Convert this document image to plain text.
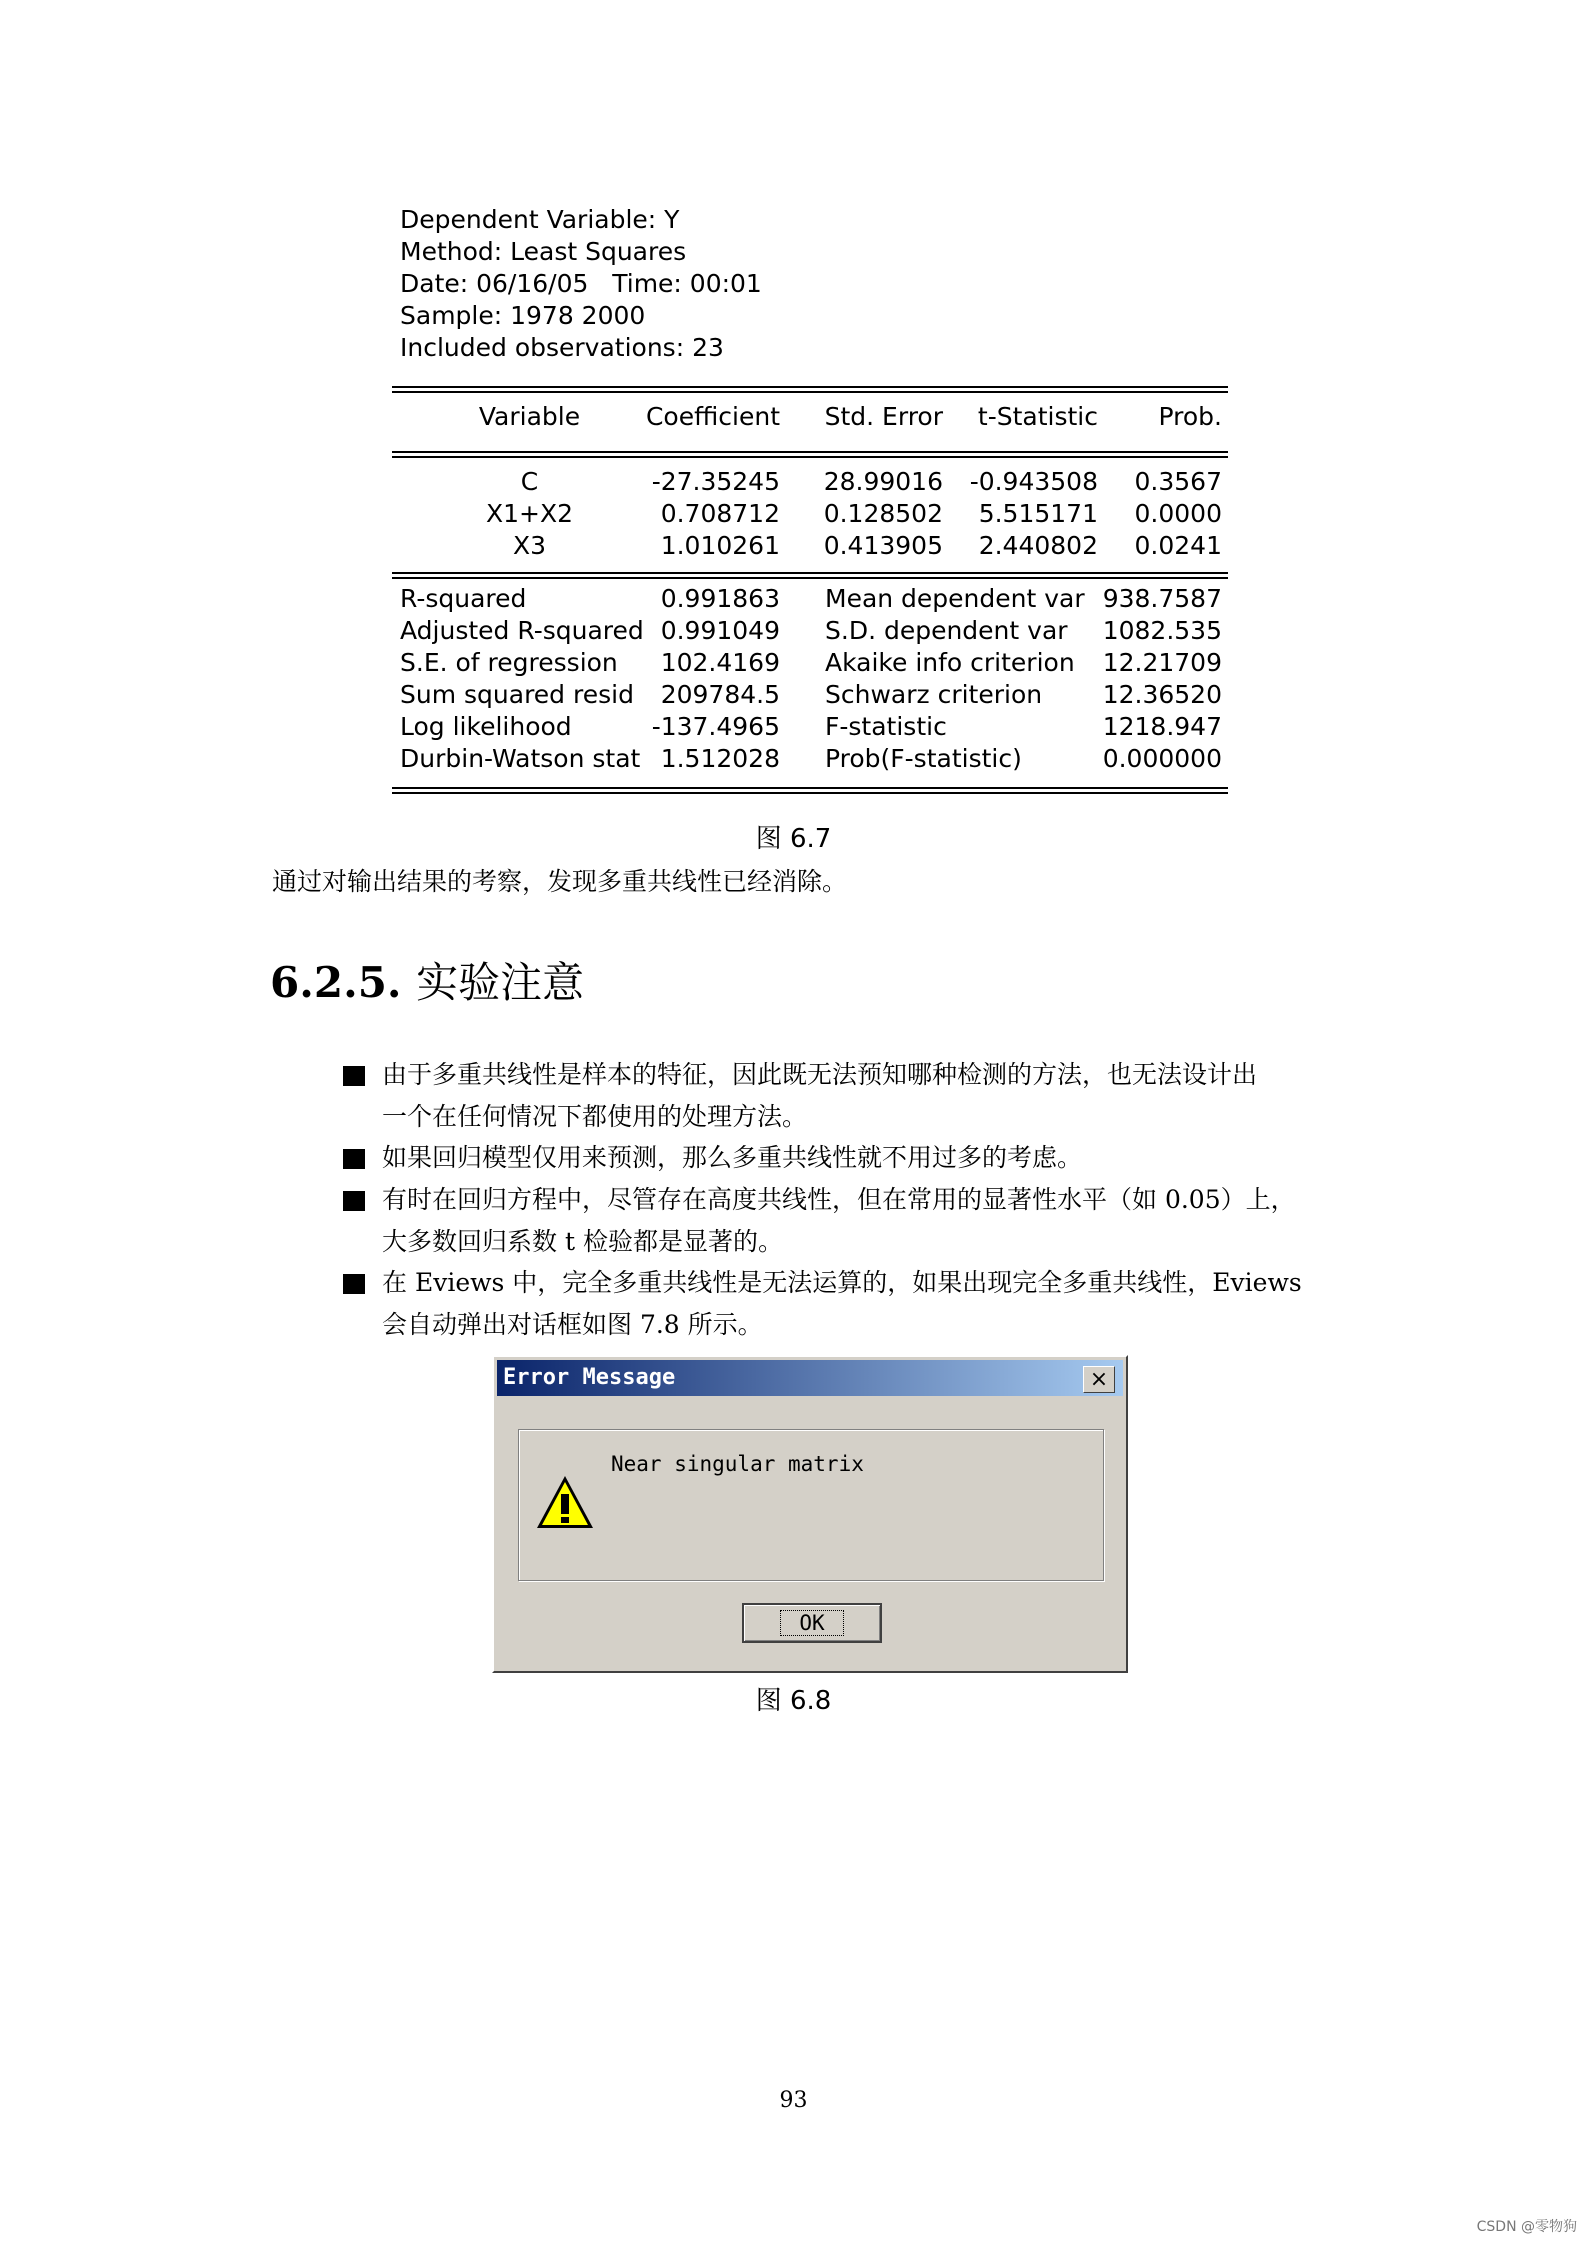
Dependent Variable: Y
Method: Least Squares
Date: 06/16/05   Time: 00:01
Sample: 1978 2000
Included observations: 23
Variable	Coefficient Std. Error t-Statistic Prob.
C	-27.35245 28.99016 -0.943508 0.3567
X1+X2	0.708712 0.128502 5.515171 0.0000
X3	1.010261 0.413905 2.440802 0.0241
R-squared	0.991863 Mean dependent var 938.7587
Adjusted R-squared 0.991049 S.D. dependent var 1082.535
S.E. of regression 102.4169 Akaike info criterion 12.21709
Sum squared resid 209784.5 Schwarz criterion 12.36520
Log likelihood	-137.4965 F-statistic	1218.947
Durbin-Watson stat 1.512028 Prob(F-statistic)	0.000000
图 6.7
通过对输出结果的考察，发现多重共线性已经消除。
6.2.5. 实验注意
由于多重共线性是样本的特征，因此既无法预知哪种检测的方法，也无法设计出
一个在任何情况下都使用的处理方法。
如果回归模型仅用来预测，那么多重共线性就不用过多的考虑。
有时在回归方程中，尽管存在高度共线性，但在常用的显著性水平（如 0.05）上，
大多数回归系数 t 检验都是显著的。
在 Eviews 中，完全多重共线性是无法运算的，如果出现完全多重共线性，Eviews
会自动弹出对话框如图 7.8 所示。
Error Message	×
Near singular matrix
OK
图 6.8
93
CSDN @零物狗
